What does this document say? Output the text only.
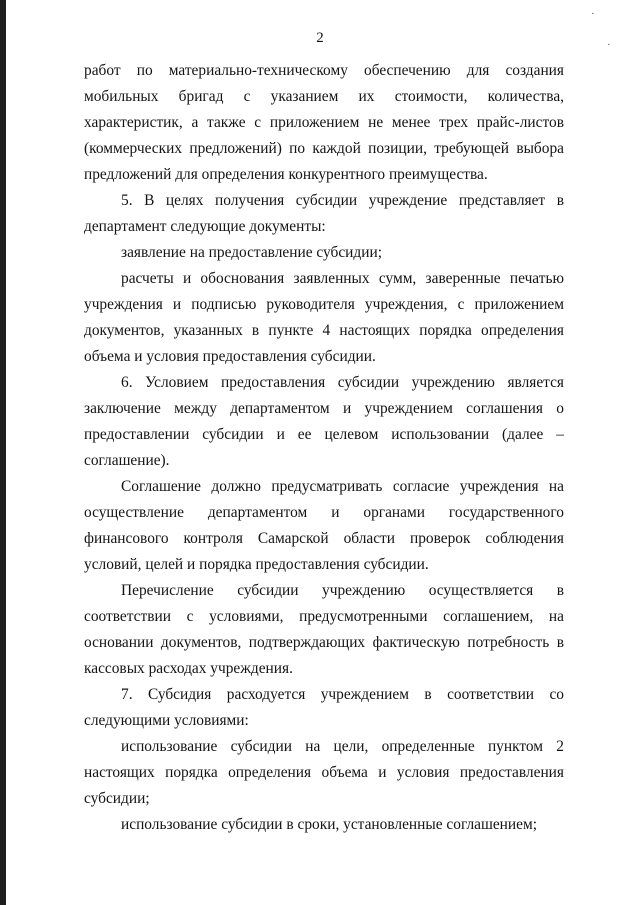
2
·
·

работ по материально-техническому обеспечению для создания мобильных бригад с указанием их стоимости, количества, характеристик, а также с приложением не менее трех прайс-листов (коммерческих предложений) по каждой позиции, требующей выбора предложений для определения конкурентного преимущества.

5. В целях получения субсидии учреждение представляет в департамент следующие документы:

заявление на предоставление субсидии;

расчеты и обоснования заявленных сумм, заверенные печатью учреждения и подписью руководителя учреждения, с приложением документов, указанных в пункте 4 настоящих порядка определения объема и условия предоставления субсидии.

6. Условием предоставления субсидии учреждению является заключение между департаментом и учреждением соглашения о предоставлении субсидии и ее целевом использовании (далее – соглашение).

Соглашение должно предусматривать согласие учреждения на осуществление департаментом и органами государственного финансового контроля Самарской области проверок соблюдения условий, целей и порядка предоставления субсидии.

Перечисление субсидии учреждению осуществляется в соответствии с условиями, предусмотренными соглашением, на основании документов, подтверждающих фактическую потребность в кассовых расходах учреждения.

7. Субсидия расходуется учреждением в соответствии со следующими условиями:

использование субсидии на цели, определенные пунктом 2 настоящих порядка определения объема и условия предоставления субсидии;

использование субсидии в сроки, установленные соглашением;
